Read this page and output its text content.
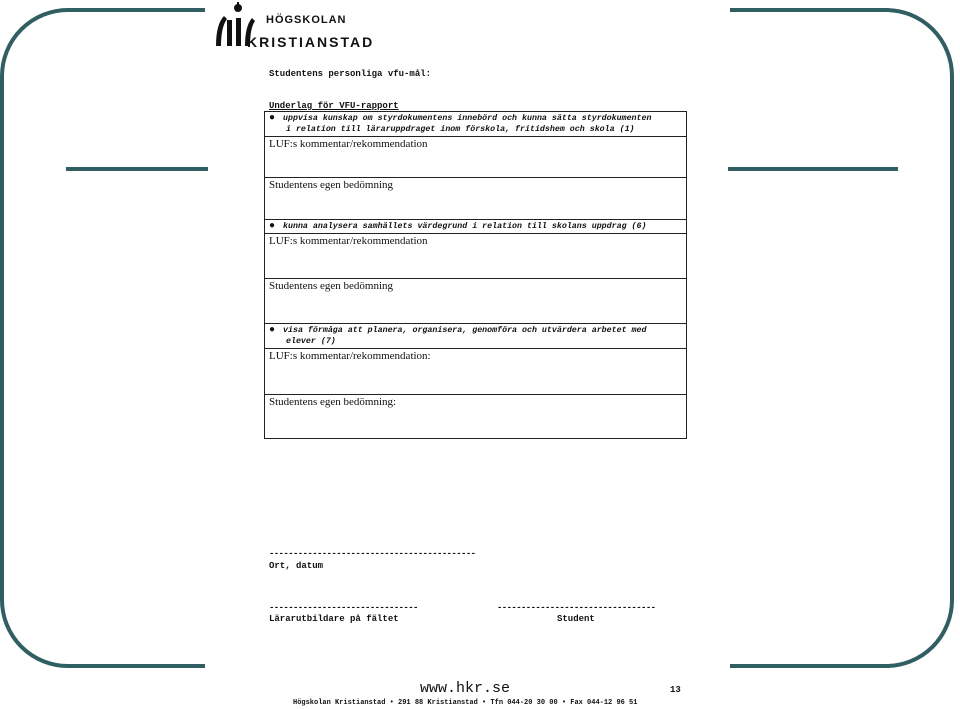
HÖGSKOLAN
KRISTIANSTAD
Studentens personliga vfu-mål:
Underlag för VFU-rapport
● uppvisa kunskap om styrdokumentens innebörd och kunna sätta styrdokumenten
i relation till läraruppdraget inom förskola, fritidshem och skola (1)
LUF:s kommentar/rekommendation
Studentens egen bedömning
● kunna analysera samhällets värdegrund i relation till skolans uppdrag (6)
LUF:s kommentar/rekommendation
Studentens egen bedömning
● visa förmåga att planera, organisera, genomföra och utvärdera arbetet med
elever (7)
LUF:s kommentar/rekommendation:
Studentens egen bedömning:
-------------------------------------------
Ort, datum
-------------------------------
Lärarutbildare på fältet
---------------------------------
Student
www.hkr.se	13
Högskolan Kristianstad • 291 88 Kristianstad • Tfn 044-20 30 00 • Fax 044-12 96 51
